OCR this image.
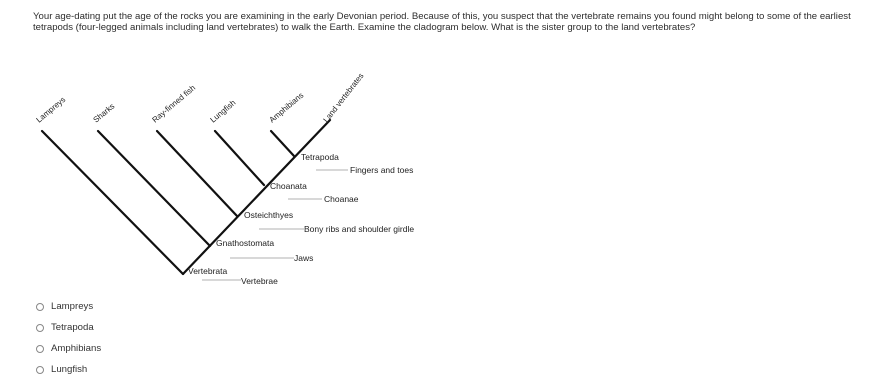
Your age-dating put the age of the rocks you are examining in the early Devonian period. Because of this, you suspect that the vertebrate remains you found might belong to some of the earliest tetrapods (four-legged animals including land vertebrates) to walk the Earth. Examine the cladogram below. What is the sister group to the land vertebrates?
Lampreys	Sharks	Ray-finned fish Lungfish	Amphibians Land vertebrates
Tetrapoda
Choanata
Osteichthyes
Gnathostomata
Vertebrata
Fingers and toes
Choanae
Bony ribs and shoulder girdle
Jaws
Vertebrae
Lampreys
Tetrapoda
Amphibians
Lungfish
